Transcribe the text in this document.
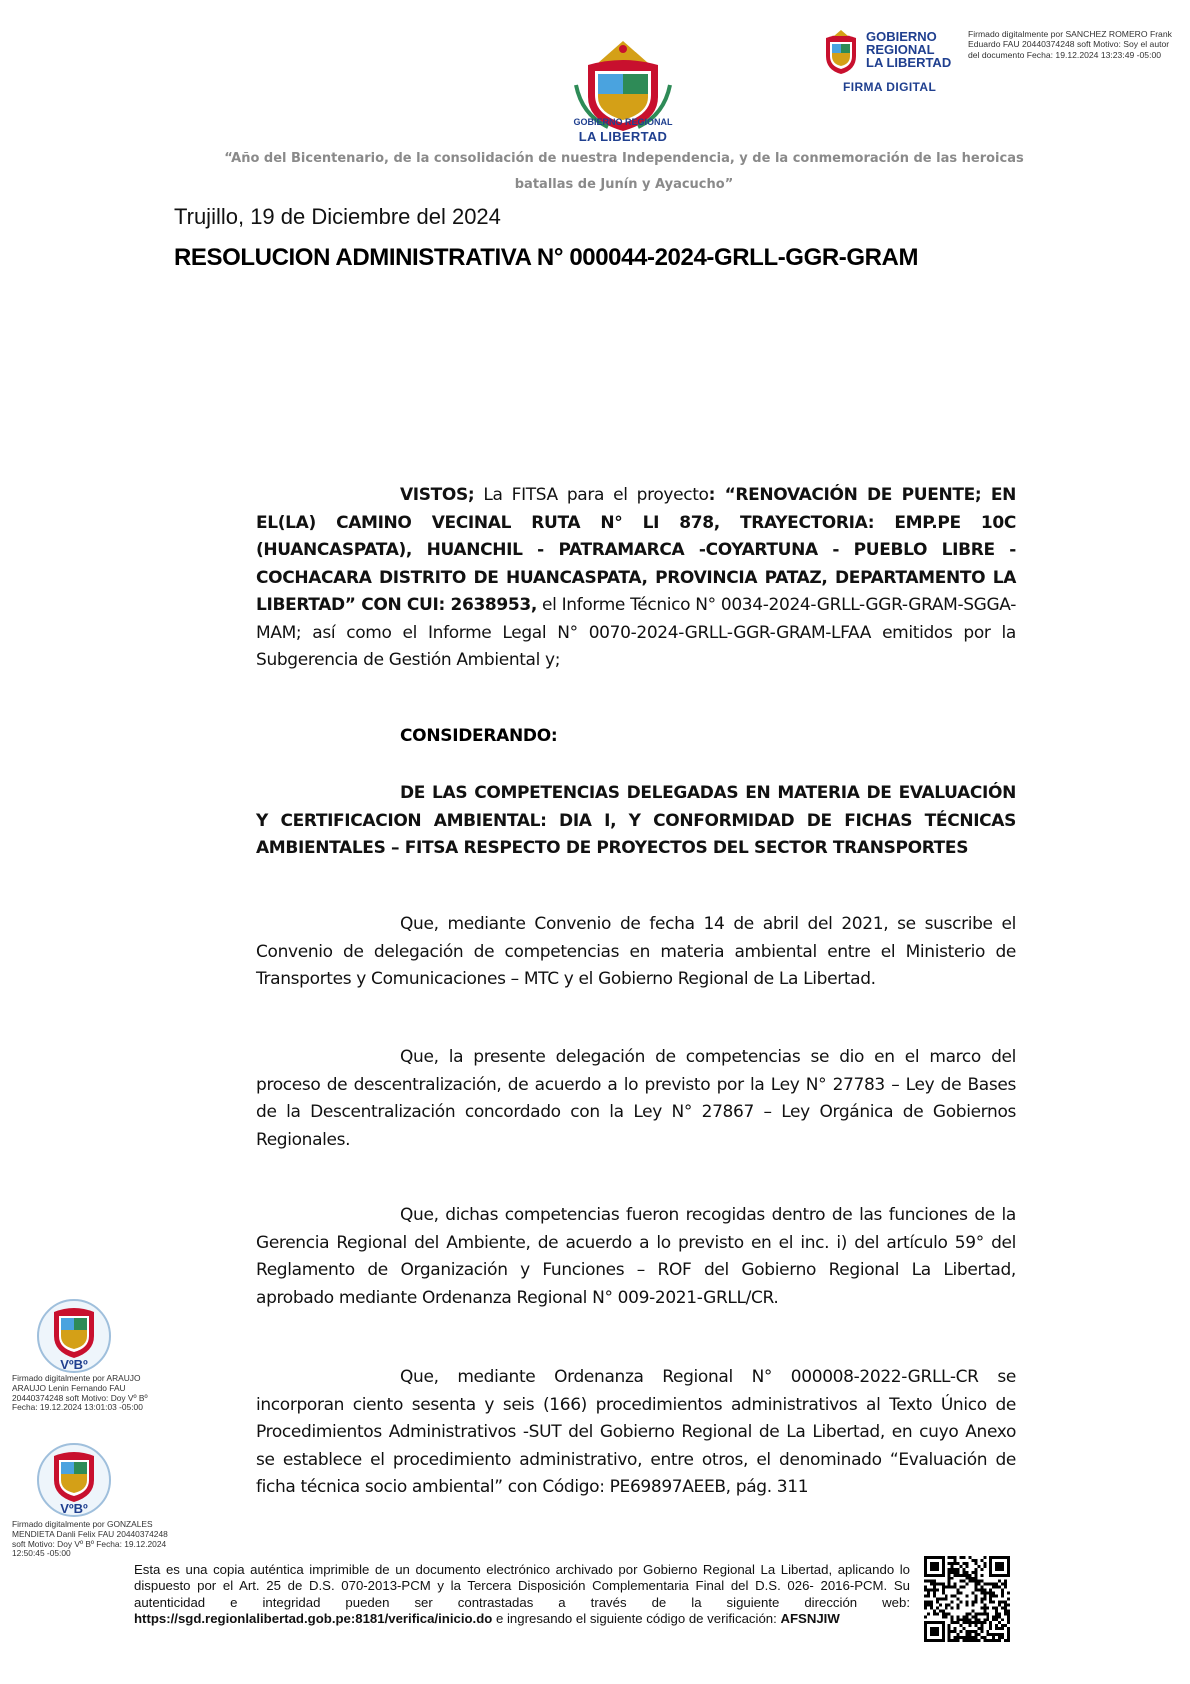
GOBIERNO REGIONAL
LA LIBERTAD
GOBIERNO
REGIONAL
LA LIBERTAD
FIRMA DIGITAL
Firmado digitalmente por SANCHEZ ROMERO Frank Eduardo FAU 20440374248 soft Motivo: Soy el autor del documento Fecha: 19.12.2024 13:23:49 -05:00
“Año del Bicentenario, de la consolidación de nuestra Independencia, y de la conmemoración de las heroicas batallas de Junín y Ayacucho”
Trujillo, 19 de Diciembre del 2024
RESOLUCION ADMINISTRATIVA N° 000044-2024-GRLL-GGR-GRAM
VISTOS; La FITSA para el proyecto: “RENOVACIÓN DE PUENTE; EN EL(LA) CAMINO VECINAL RUTA N° LI 878, TRAYECTORIA: EMP.PE 10C (HUANCASPATA), HUANCHIL - PATRAMARCA -COYARTUNA - PUEBLO LIBRE - COCHACARA DISTRITO DE HUANCASPATA, PROVINCIA PATAZ, DEPARTAMENTO LA LIBERTAD” CON CUI: 2638953, el Informe Técnico N° 0034-2024-GRLL-GGR-GRAM-SGGA-MAM; así como el Informe Legal N° 0070-2024-GRLL-GGR-GRAM-LFAA emitidos por la Subgerencia de Gestión Ambiental y;
CONSIDERANDO:
DE LAS COMPETENCIAS DELEGADAS EN MATERIA DE EVALUACIÓN Y CERTIFICACION AMBIENTAL: DIA I, Y CONFORMIDAD DE FICHAS TÉCNICAS AMBIENTALES – FITSA RESPECTO DE PROYECTOS DEL SECTOR TRANSPORTES
Que, mediante Convenio de fecha 14 de abril del 2021, se suscribe el Convenio de delegación de competencias en materia ambiental entre el Ministerio de Transportes y Comunicaciones – MTC y el Gobierno Regional de La Libertad.
Que, la presente delegación de competencias se dio en el marco del proceso de descentralización, de acuerdo a lo previsto por la Ley N° 27783 – Ley de Bases de la Descentralización concordado con la Ley N° 27867 – Ley Orgánica de Gobiernos Regionales.
Que, dichas competencias fueron recogidas dentro de las funciones de la Gerencia Regional del Ambiente, de acuerdo a lo previsto en el inc. i) del artículo 59° del Reglamento de Organización y Funciones – ROF del Gobierno Regional La Libertad, aprobado mediante Ordenanza Regional N° 009-2021-GRLL/CR.
Que, mediante Ordenanza Regional N° 000008-2022-GRLL-CR se incorporan ciento sesenta y seis (166) procedimientos administrativos al Texto Único de Procedimientos Administrativos -SUT del Gobierno Regional de La Libertad, en cuyo Anexo se establece el procedimiento administrativo, entre otros, el denominado “Evaluación de ficha técnica socio ambiental” con Código: PE69897AEEB, pág. 311
VºBº
Firmado digitalmente por ARAUJO ARAUJO Lenin Fernando FAU 20440374248 soft Motivo: Doy Vº Bº Fecha: 19.12.2024 13:01:03 -05:00
VºBº
Firmado digitalmente por GONZALES MENDIETA Danli Felix FAU 20440374248 soft Motivo: Doy Vº Bº Fecha: 19.12.2024 12:50:45 -05:00
Esta es una copia auténtica imprimible de un documento electrónico archivado por Gobierno Regional La Libertad, aplicando lo dispuesto por el Art. 25 de D.S. 070-2013-PCM y la Tercera Disposición Complementaria Final del D.S. 026- 2016-PCM. Su autenticidad e integridad pueden ser contrastadas a través de la siguiente dirección web: https://sgd.regionlalibertad.gob.pe:8181/verifica/inicio.do e ingresando el siguiente código de verificación: AFSNJIW
